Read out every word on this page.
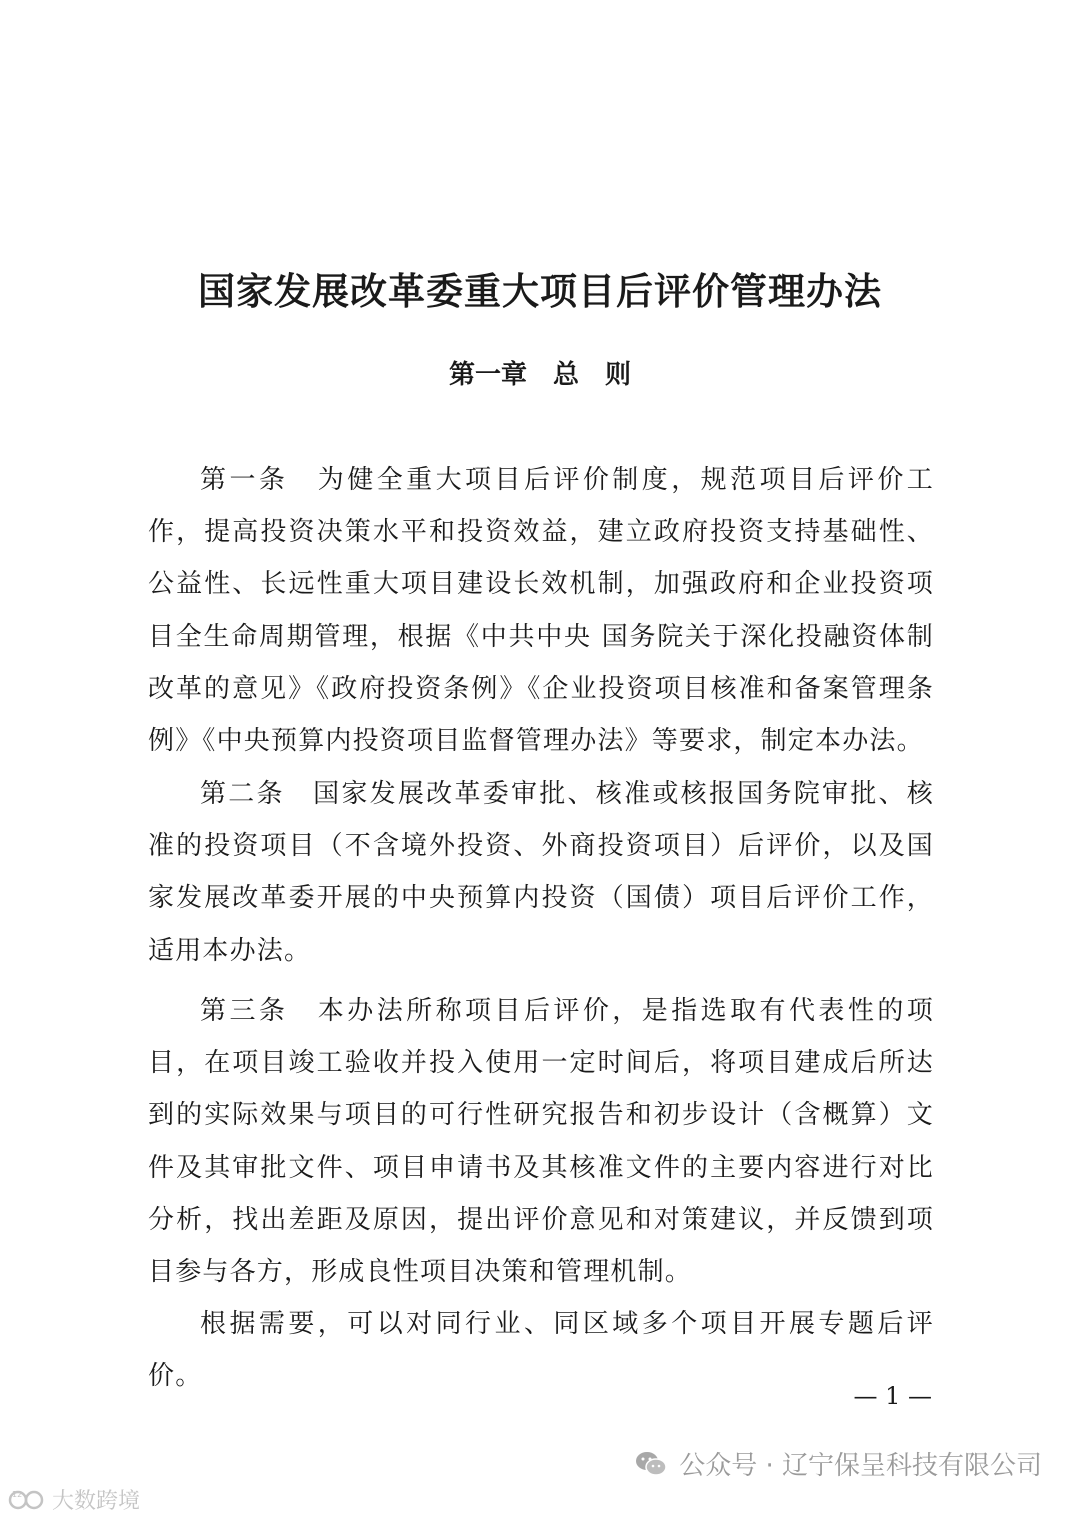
国家发展改革委重大项目后评价管理办法
第一章　总　则

第一条　为健全重大项目后评价制度，规范项目后评价工作，提高投资决策水平和投资效益，建立政府投资支持基础性、公益性、长远性重大项目建设长效机制，加强政府和企业投资项目全生命周期管理，根据《中共中央 国务院关于深化投融资体制改革的意见》《政府投资条例》《企业投资项目核准和备案管理条例》《中央预算内投资项目监督管理办法》等要求，制定本办法。

第二条　国家发展改革委审批、核准或核报国务院审批、核准的投资项目（不含境外投资、外商投资项目）后评价，以及国家发展改革委开展的中央预算内投资（国债）项目后评价工作，适用本办法。

第三条　本办法所称项目后评价，是指选取有代表性的项目，在项目竣工验收并投入使用一定时间后，将项目建成后所达到的实际效果与项目的可行性研究报告和初步设计（含概算）文件及其审批文件、项目申请书及其核准文件的主要内容进行对比分析，找出差距及原因，提出评价意见和对策建议，并反馈到项目参与各方，形成良性项目决策和管理机制。

根据需要，可以对同行业、同区域多个项目开展专题后评价。

— 1 —
公众号 · 辽宁保呈科技有限公司
12 大数跨境
